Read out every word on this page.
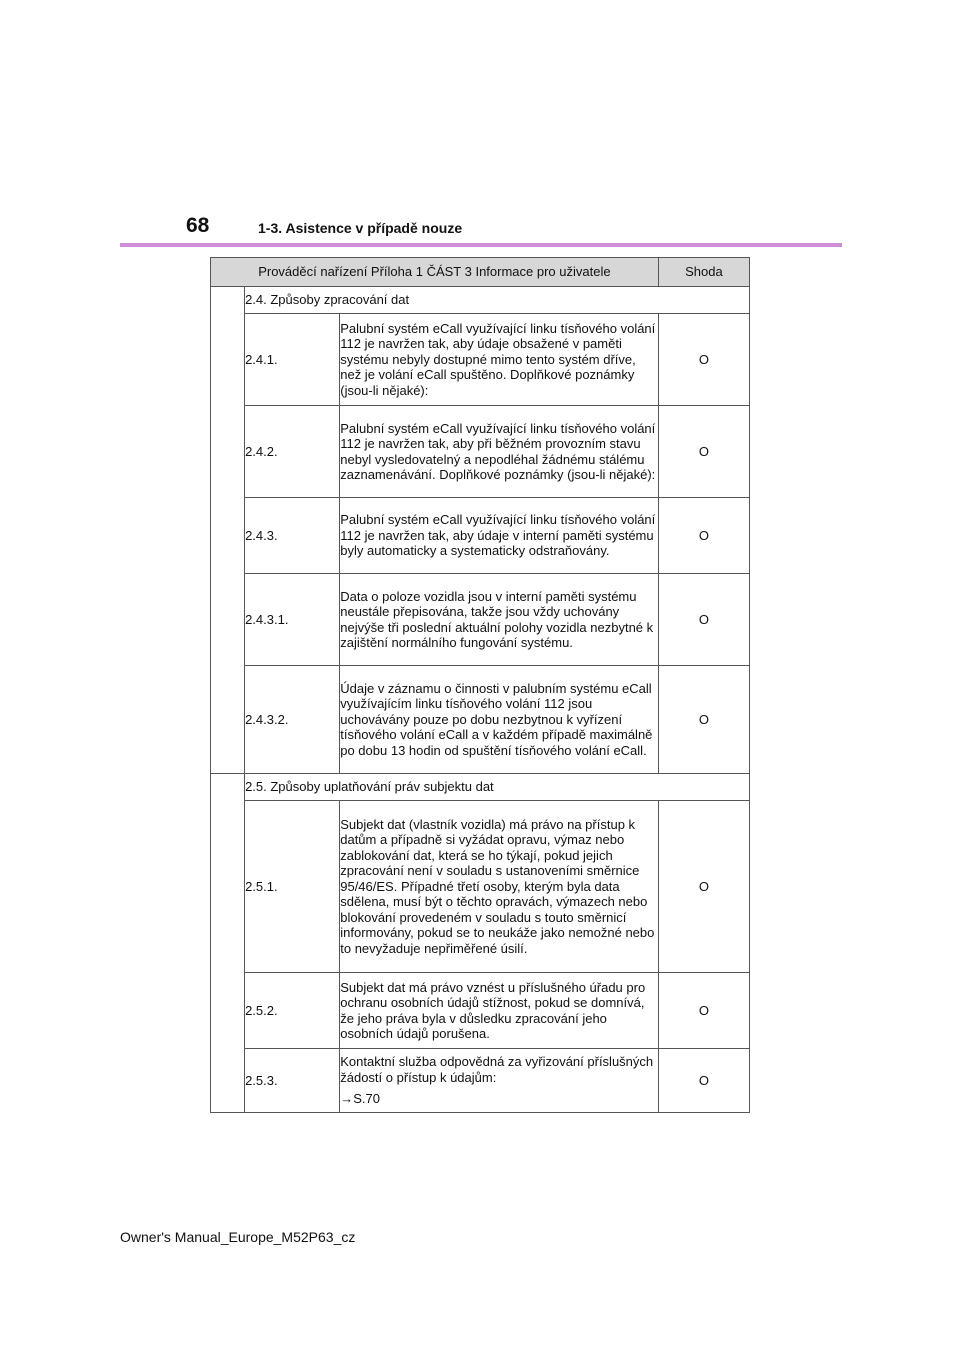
68	1-3. Asistence v případě nouze
Prováděcí nařízení Příloha 1 ČÁST 3 Informace pro uživatele			Shoda
	2.4. Způsoby zpracování dat		
	2.4.1.	Palubní systém eCall využívající linku tísňového volání 112 je navržen tak, aby údaje obsažené v paměti systému nebyly dostupné mimo tento systém dříve, než je volání eCall spuštěno. Doplňkové poznámky (jsou-li nějaké):	O
	2.4.2.	Palubní systém eCall využívající linku tísňového volání 112 je navržen tak, aby při běžném provozním stavu nebyl vysledovatelný a nepodléhal žádnému stálému zaznamenávání. Doplňkové poznámky (jsou-li nějaké):	O
	2.4.3.	Palubní systém eCall využívající linku tísňového volání 112 je navržen tak, aby údaje v interní paměti systému byly automaticky a systematicky odstraňovány.	O
	2.4.3.1.	Data o poloze vozidla jsou v interní paměti systému neustále přepisována, takže jsou vždy uchovány nejvýše tři poslední aktuální polohy vozidla nezbytné k zajištění normálního fungování systému.	O
	2.4.3.2.	Údaje v záznamu o činnosti v palubním systému eCall využívajícím linku tísňového volání 112 jsou uchovávány pouze po dobu nezbytnou k vyřízení tísňového volání eCall a v každém případě maximálně po dobu 13 hodin od spuštění tísňového volání eCall.	O
	2.5. Způsoby uplatňování práv subjektu dat		
	2.5.1.	Subjekt dat (vlastník vozidla) má právo na přístup k datům a případně si vyžádat opravu, výmaz nebo zablokování dat, která se ho týkají, pokud jejich zpracování není v souladu s ustanoveními směrnice 95/46/ES. Případné třetí osoby, kterým byla data sdělena, musí být o těchto opravách, výmazech nebo blokování provedeném v souladu s touto směrnicí informovány, pokud se to neukáže jako nemožné nebo to nevyžaduje nepřiměřené úsilí.	O
	2.5.2.	Subjekt dat má právo vznést u příslušného úřadu pro ochranu osobních údajů stížnost, pokud se domnívá, že jeho práva byla v důsledku zpracování jeho osobních údajů porušena.	O
	2.5.3.	Kontaktní služba odpovědná za vyřizování příslušných žádostí o přístup k údajům:
→S.70	O
Owner's Manual_Europe_M52P63_cz
